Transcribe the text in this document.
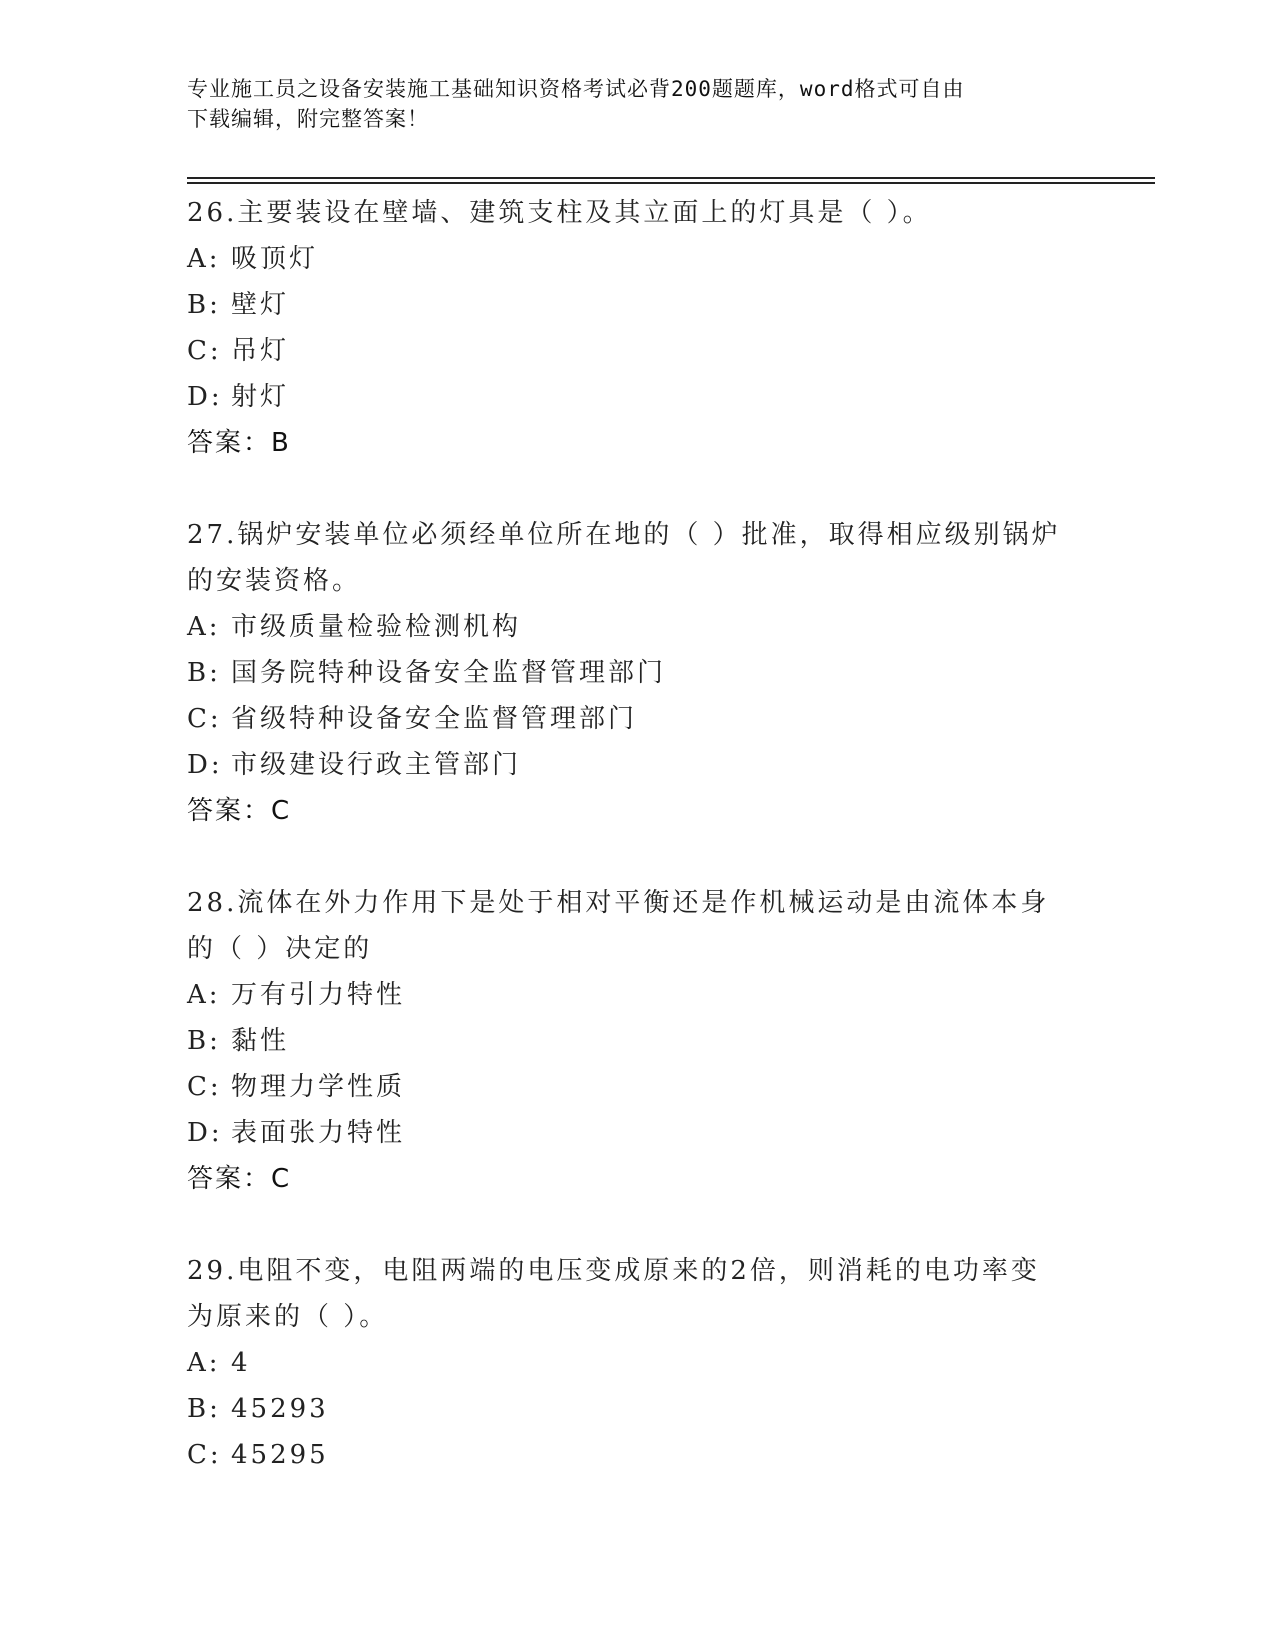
专业施工员之设备安装施工基础知识资格考试必背200题题库，word格式可自由
下载编辑，附完整答案！
26.主要装设在壁墙、建筑支柱及其立面上的灯具是（ ）。
A: 吸顶灯
B: 壁灯
C: 吊灯
D: 射灯
答案：B
27.锅炉安装单位必须经单位所在地的（ ）批准，取得相应级别锅炉的安装资格。
A: 市级质量检验检测机构
B: 国务院特种设备安全监督管理部门
C: 省级特种设备安全监督管理部门
D: 市级建设行政主管部门
答案：C
28.流体在外力作用下是处于相对平衡还是作机械运动是由流体本身的（ ）决定的
A: 万有引力特性
B: 黏性
C: 物理力学性质
D: 表面张力特性
答案：C
29.电阻不变，电阻两端的电压变成原来的2倍，则消耗的电功率变为原来的（ ）。
A: 4
B: 45293
C: 45295
